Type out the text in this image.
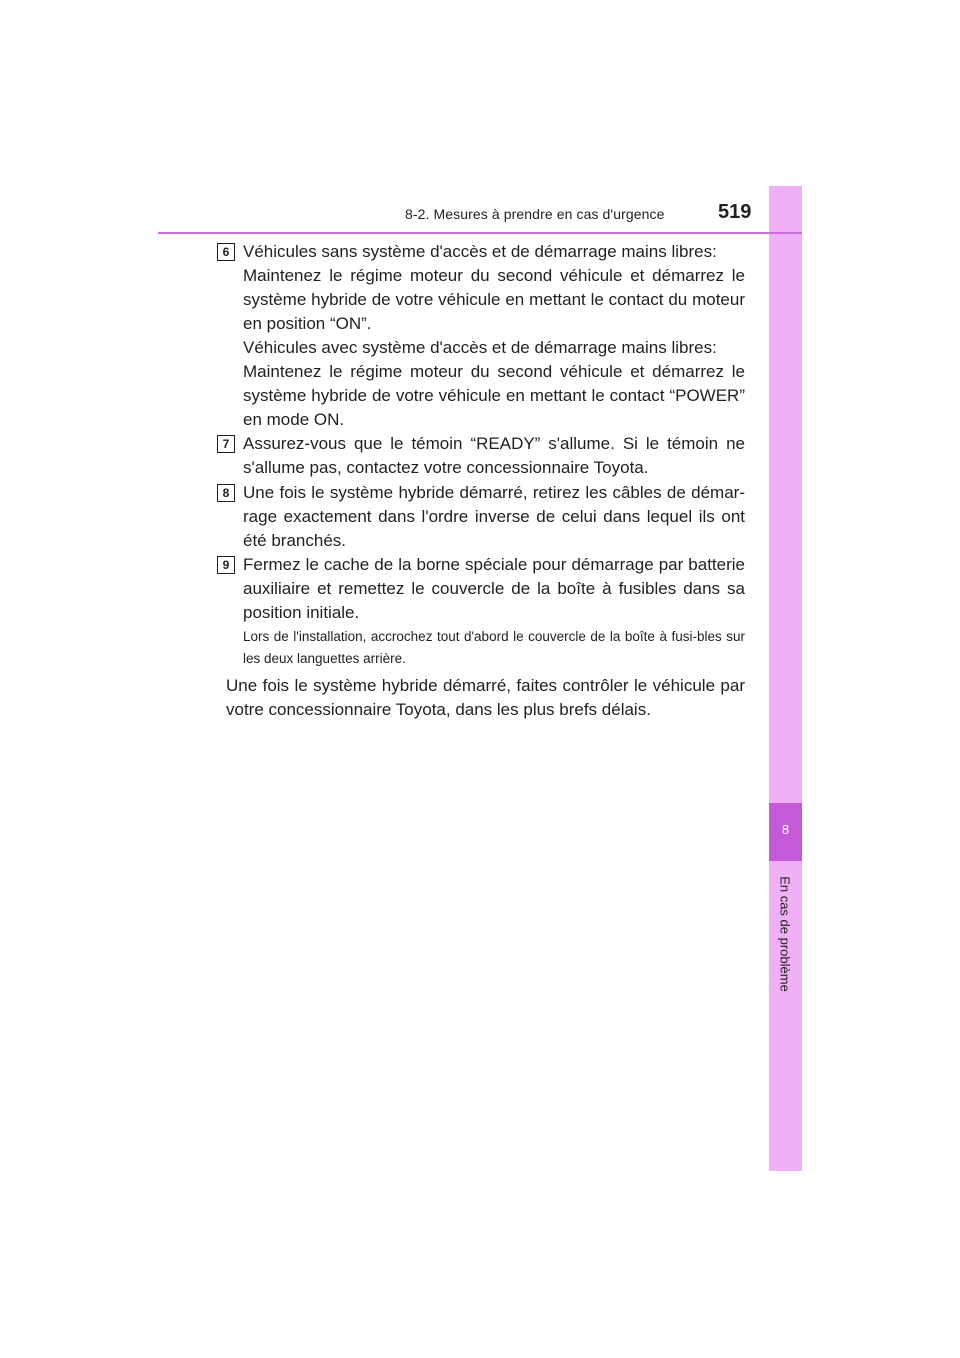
8
En cas de problème
8-2. Mesures à prendre en cas d'urgence	519
6 Véhicules sans système d'accès et de démarrage mains libres:
Maintenez le régime moteur du second véhicule et démarrez le système hybride de votre véhicule en mettant le contact du moteur en position “ON”.
Véhicules avec système d'accès et de démarrage mains libres:
Maintenez le régime moteur du second véhicule et démarrez le système hybride de votre véhicule en mettant le contact “POWER” en mode ON.
7 Assurez-vous que le témoin “READY” s'allume. Si le témoin ne s'allume pas, contactez votre concessionnaire Toyota.
8 Une fois le système hybride démarré, retirez les câbles de démar-rage exactement dans l'ordre inverse de celui dans lequel ils ont été branchés.
9 Fermez le cache de la borne spéciale pour démarrage par batterie auxiliaire et remettez le couvercle de la boîte à fusibles dans sa position initiale.
Lors de l'installation, accrochez tout d'abord le couvercle de la boîte à fusi-bles sur les deux languettes arrière.
Une fois le système hybride démarré, faites contrôler le véhicule par votre concessionnaire Toyota, dans les plus brefs délais.
